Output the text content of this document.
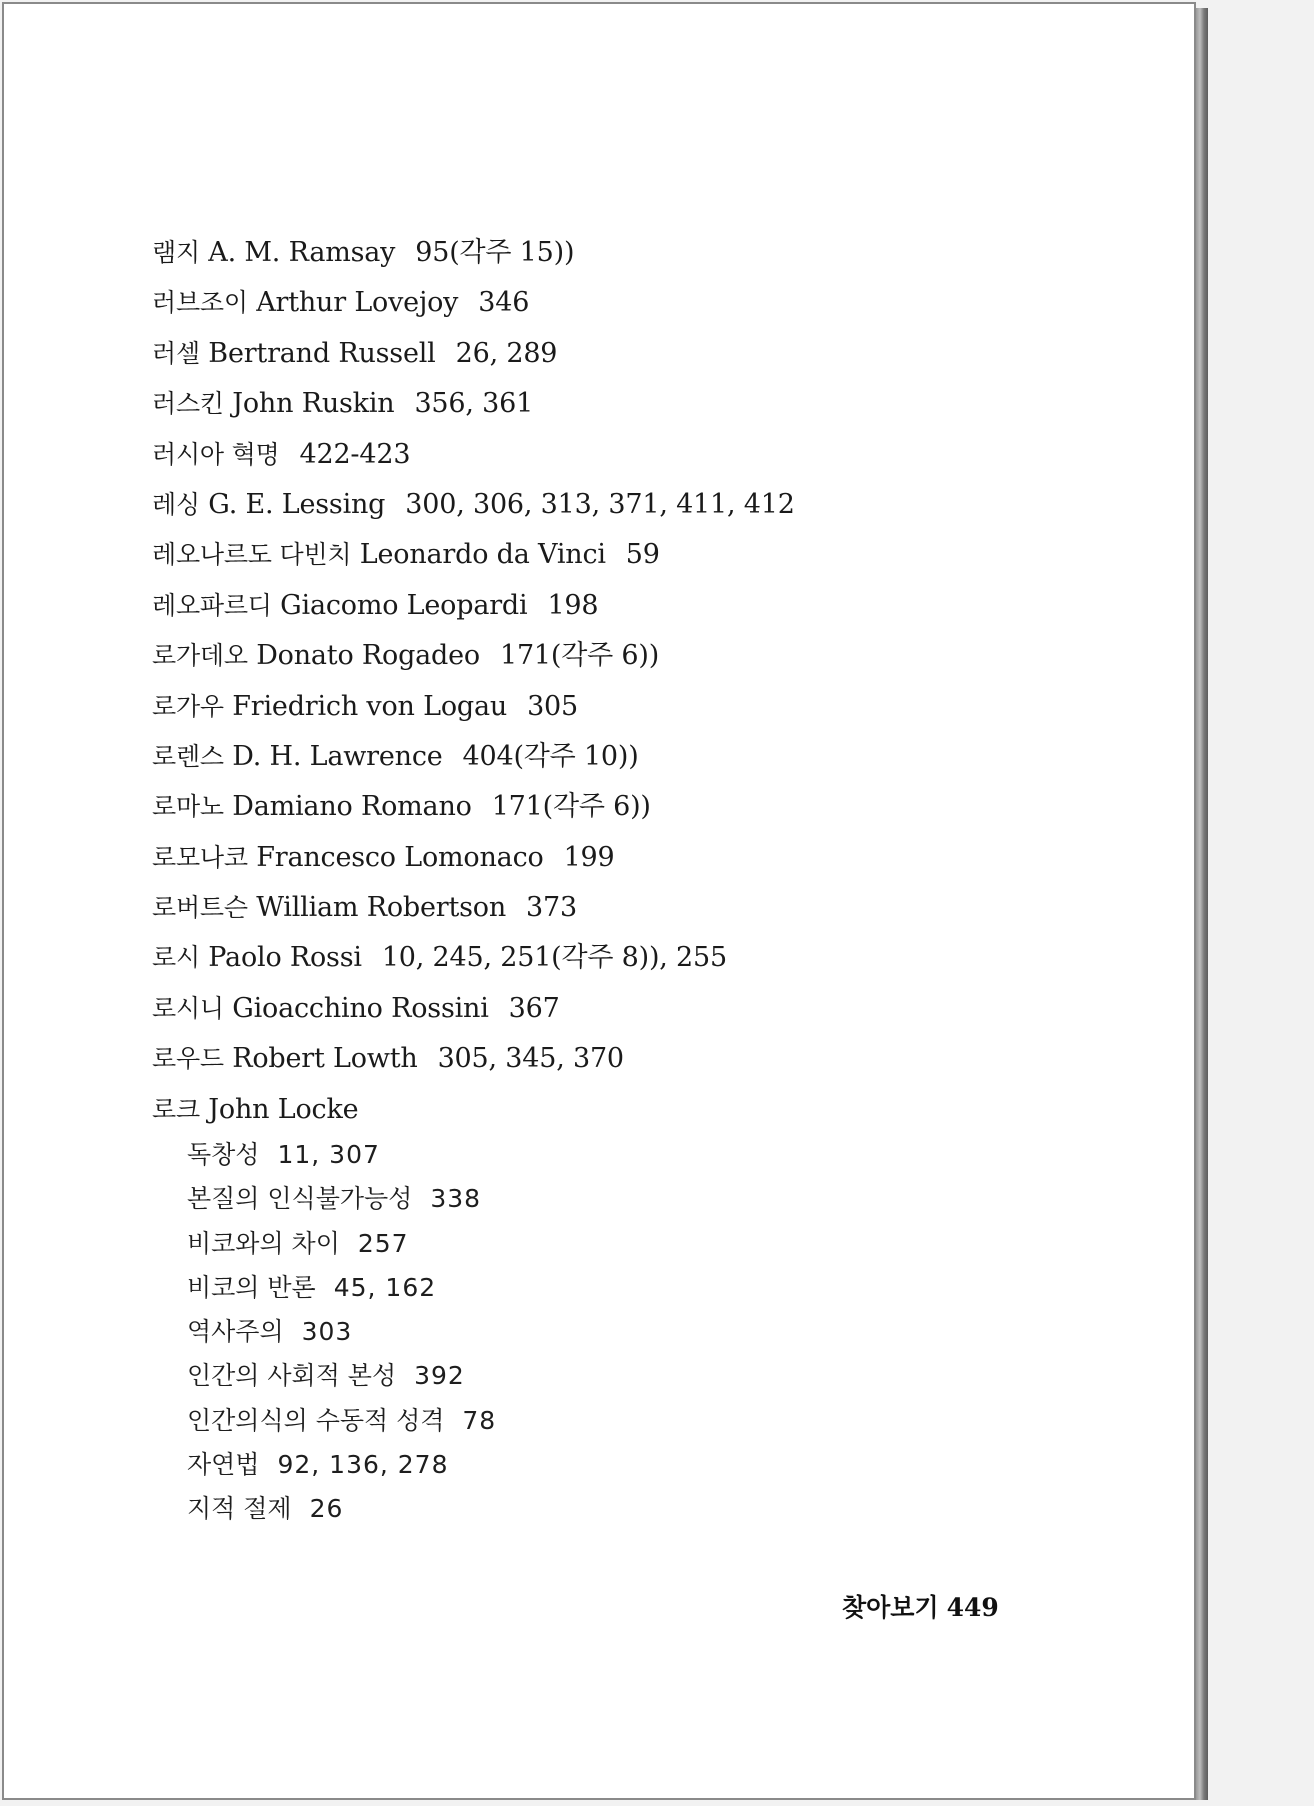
램지 A. M. Ramsay 95(각주 15))
러브조이 Arthur Lovejoy 346
러셀 Bertrand Russell 26, 289
러스킨 John Ruskin 356, 361
러시아 혁명 422-423
레싱 G. E. Lessing 300, 306, 313, 371, 411, 412
레오나르도 다빈치 Leonardo da Vinci 59
레오파르디 Giacomo Leopardi 198
로가데오 Donato Rogadeo 171(각주 6))
로가우 Friedrich von Logau 305
로렌스 D. H. Lawrence 404(각주 10))
로마노 Damiano Romano 171(각주 6))
로모나코 Francesco Lomonaco 199
로버트슨 William Robertson 373
로시 Paolo Rossi 10, 245, 251(각주 8)), 255
로시니 Gioacchino Rossini 367
로우드 Robert Lowth 305, 345, 370
로크 John Locke
독창성 11, 307
본질의 인식불가능성 338
비코와의 차이 257
비코의 반론 45, 162
역사주의 303
인간의 사회적 본성 392
인간의식의 수동적 성격 78
자연법 92, 136, 278
지적 절제 26
찾아보기 449
